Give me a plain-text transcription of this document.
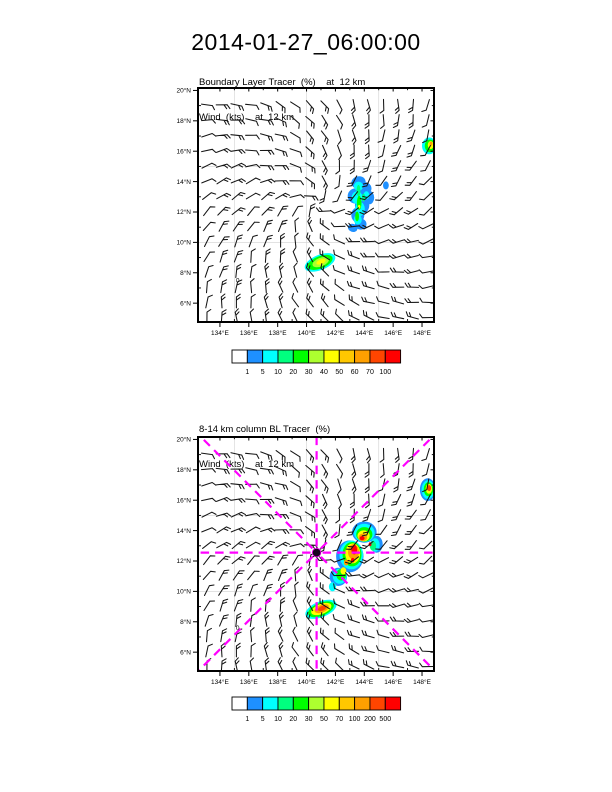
2014-01-27_06:00:00

Boundary Layer Tracer  (%)    at  12 km

Wind  (kts)    at  12 km

8-14 km column BL Tracer  (%)

Wind  (kts)    at  12 km

134°E 136°E 138°E 140°E 142°E 144°E 146°E 148°E
20°N
18°N
16°N
14°N
12°N
10°N
8°N
6°N
0
1 5 10 20 30 40 50 60 70 100
134°E 136°E 138°E 140°E 142°E 144°E 146°E 148°E
20°N
18°N
16°N
14°N
12°N
10°N
8°N
6°N
0
1 5 10 20 30 50 70 100 200 500
